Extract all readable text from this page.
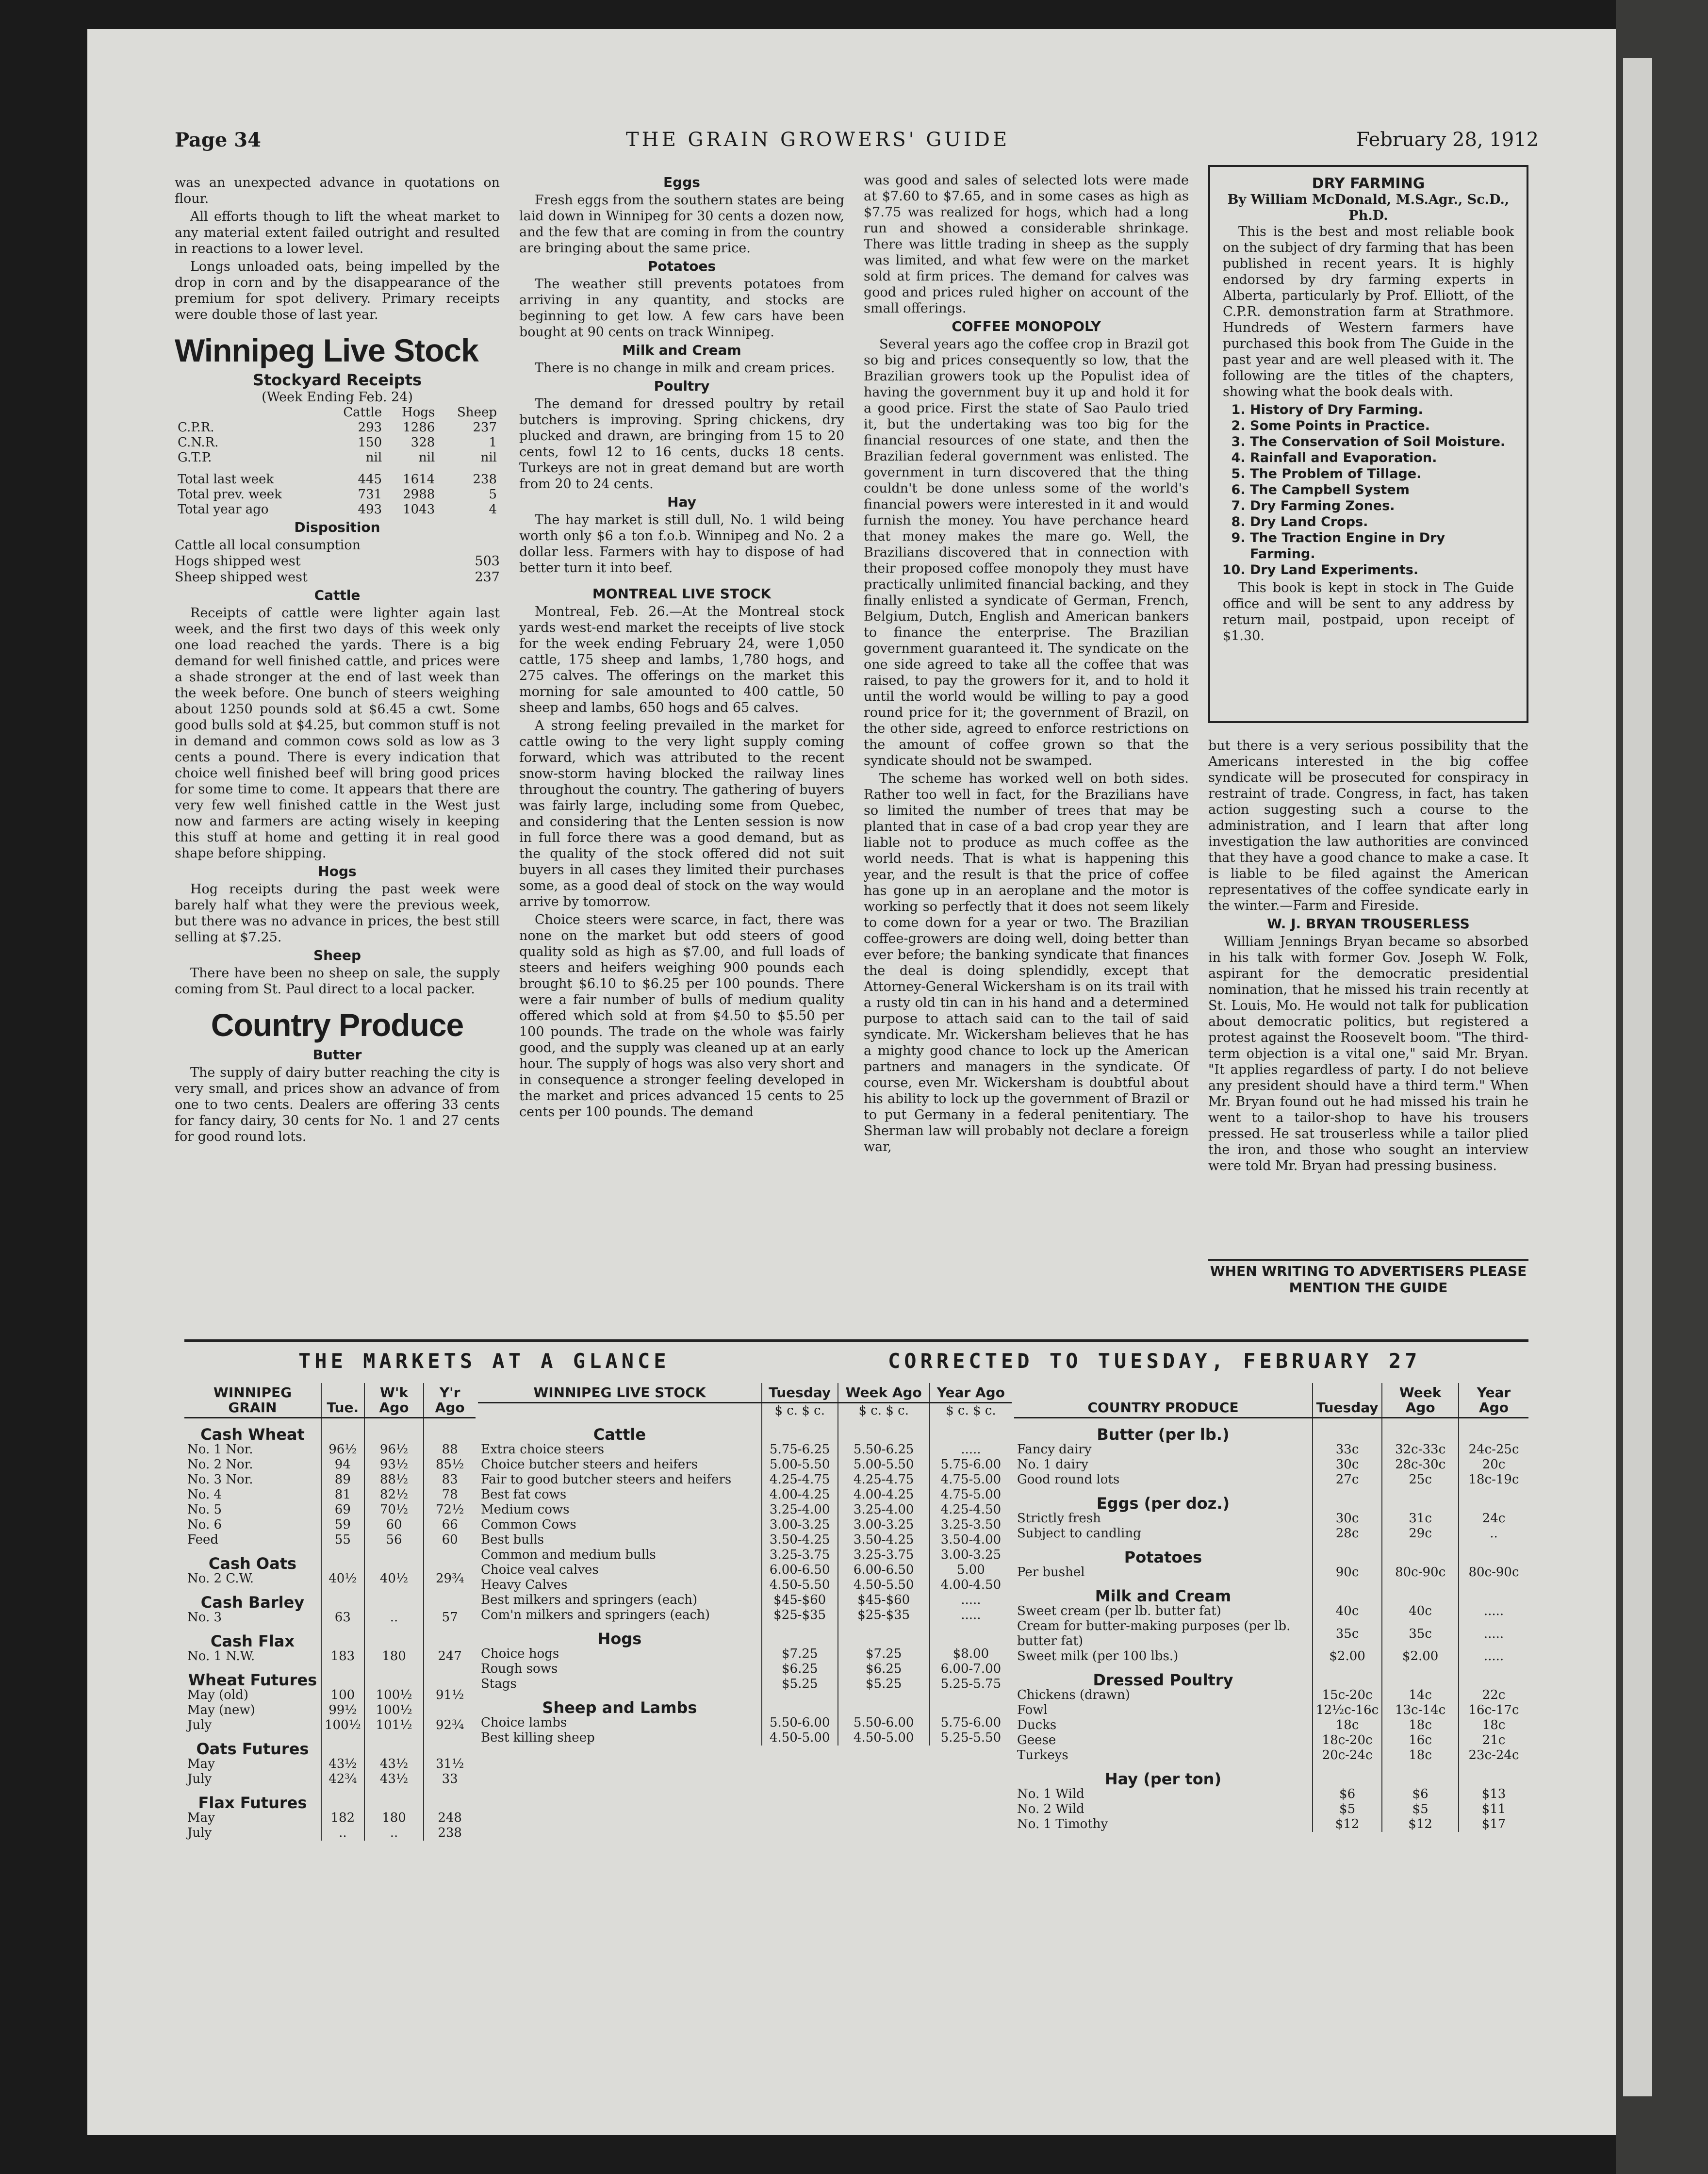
Page 34	THE GRAIN GROWERS' GUIDE	February 28, 1912

was an unexpected advance in quotations on flour.

All efforts though to lift the wheat market to any material extent failed outright and resulted in reactions to a lower level.

Longs unloaded oats, being impelled by the drop in corn and by the disappearance of the premium for spot delivery. Primary receipts were double those of last year.

Winnipeg Live Stock
Stockyard Receipts
(Week Ending Feb. 24)
	Cattle	Hogs	Sheep
C.P.R.	293	1286	237
C.N.R.	150	328	1
G.T.P.	nil	nil	nil

Total last week	445	1614	238
Total prev. week	731	2988	5
Total year ago	493	1043	4
Disposition
Cattle all local consumption
Hogs shipped west	503
Sheep shipped west	237
Cattle

Receipts of cattle were lighter again last week, and the first two days of this week only one load reached the yards. There is a big demand for well finished cattle, and prices were a shade stronger at the end of last week than the week before. One bunch of steers weighing about 1250 pounds sold at $6.45 a cwt. Some good bulls sold at $4.25, but common stuff is not in demand and common cows sold as low as 3 cents a pound. There is every indication that choice well finished beef will bring good prices for some time to come. It appears that there are very few well finished cattle in the West just now and farmers are acting wisely in keeping this stuff at home and getting it in real good shape before shipping.

Hogs

Hog receipts during the past week were barely half what they were the previous week, but there was no advance in prices, the best still selling at $7.25.

Sheep

There have been no sheep on sale, the supply coming from St. Paul direct to a local packer.

Country Produce
Butter

The supply of dairy butter reaching the city is very small, and prices show an advance of from one to two cents. Dealers are offering 33 cents for fancy dairy, 30 cents for No. 1 and 27 cents for good round lots.

Eggs

Fresh eggs from the southern states are being laid down in Winnipeg for 30 cents a dozen now, and the few that are coming in from the country are bringing about the same price.

Potatoes

The weather still prevents potatoes from arriving in any quantity, and stocks are beginning to get low. A few cars have been bought at 90 cents on track Winnipeg.

Milk and Cream

There is no change in milk and cream prices.

Poultry

The demand for dressed poultry by retail butchers is improving. Spring chickens, dry plucked and drawn, are bringing from 15 to 20 cents, fowl 12 to 16 cents, ducks 18 cents. Turkeys are not in great demand but are worth from 20 to 24 cents.

Hay

The hay market is still dull, No. 1 wild being worth only $6 a ton f.o.b. Winnipeg and No. 2 a dollar less. Farmers with hay to dispose of had better turn it into beef.

MONTREAL LIVE STOCK

Montreal, Feb. 26.—At the Montreal stock yards west-end market the receipts of live stock for the week ending February 24, were 1,050 cattle, 175 sheep and lambs, 1,780 hogs, and 275 calves. The offerings on the market this morning for sale amounted to 400 cattle, 50 sheep and lambs, 650 hogs and 65 calves.

A strong feeling prevailed in the market for cattle owing to the very light supply coming forward, which was attributed to the recent snow-storm having blocked the railway lines throughout the country. The gathering of buyers was fairly large, including some from Quebec, and considering that the Lenten session is now in full force there was a good demand, but as the quality of the stock offered did not suit buyers in all cases they limited their purchases some, as a good deal of stock on the way would arrive by tomorrow.

Choice steers were scarce, in fact, there was none on the market but odd steers of good quality sold as high as $7.00, and full loads of steers and heifers weighing 900 pounds each brought $6.10 to $6.25 per 100 pounds. There were a fair number of bulls of medium quality offered which sold at from $4.50 to $5.50 per 100 pounds. The trade on the whole was fairly good, and the supply was cleaned up at an early hour. The supply of hogs was also very short and in consequence a stronger feeling developed in the market and prices advanced 15 cents to 25 cents per 100 pounds. The demand

was good and sales of selected lots were made at $7.60 to $7.65, and in some cases as high as $7.75 was realized for hogs, which had a long run and showed a considerable shrinkage. There was little trading in sheep as the supply was limited, and what few were on the market sold at firm prices. The demand for calves was good and prices ruled higher on account of the small offerings.

COFFEE MONOPOLY

Several years ago the coffee crop in Brazil got so big and prices consequently so low, that the Brazilian growers took up the Populist idea of having the government buy it up and hold it for a good price. First the state of Sao Paulo tried it, but the undertaking was too big for the financial resources of one state, and then the Brazilian federal government was enlisted. The government in turn discovered that the thing couldn't be done unless some of the world's financial powers were interested in it and would furnish the money. You have perchance heard that money makes the mare go. Well, the Brazilians discovered that in connection with their proposed coffee monopoly they must have practically unlimited financial backing, and they finally enlisted a syndicate of German, French, Belgium, Dutch, English and American bankers to finance the enterprise. The Brazilian government guaranteed it. The syndicate on the one side agreed to take all the coffee that was raised, to pay the growers for it, and to hold it until the world would be willing to pay a good round price for it; the government of Brazil, on the other side, agreed to enforce restrictions on the amount of coffee grown so that the syndicate should not be swamped.

The scheme has worked well on both sides. Rather too well in fact, for the Brazilians have so limited the number of trees that may be planted that in case of a bad crop year they are liable not to produce as much coffee as the world needs. That is what is happening this year, and the result is that the price of coffee has gone up in an aeroplane and the motor is working so perfectly that it does not seem likely to come down for a year or two. The Brazilian coffee-growers are doing well, doing better than ever before; the banking syndicate that finances the deal is doing splendidly, except that Attorney-General Wickersham is on its trail with a rusty old tin can in his hand and a determined purpose to attach said can to the tail of said syndicate. Mr. Wickersham believes that he has a mighty good chance to lock up the American partners and managers in the syndicate. Of course, even Mr. Wickersham is doubtful about his ability to lock up the government of Brazil or to put Germany in a federal penitentiary. The Sherman law will probably not declare a foreign war,

DRY FARMING
By William McDonald, M.S.Agr., Sc.D., Ph.D.
This is the best and most reliable book on the subject of dry farming that has been published in recent years. It is highly endorsed by dry farming experts in Alberta, particularly by Prof. Elliott, of the C.P.R. demonstration farm at Strathmore. Hundreds of Western farmers have purchased this book from The Guide in the past year and are well pleased with it. The following are the titles of the chapters, showing what the book deals with.
1. History of Dry Farming.
2. Some Points in Practice.
3. The Conservation of Soil Moisture.
4. Rainfall and Evaporation.
5. The Problem of Tillage.
6. The Campbell System
7. Dry Farming Zones.
8. Dry Land Crops.
9. The Traction Engine in Dry Farming.
10. Dry Land Experiments.
This book is kept in stock in The Guide office and will be sent to any address by return mail, postpaid, upon receipt of $1.30.

but there is a very serious possibility that the Americans interested in the big coffee syndicate will be prosecuted for conspiracy in restraint of trade. Congress, in fact, has taken action suggesting such a course to the administration, and I learn that after long investigation the law authorities are convinced that they have a good chance to make a case. It is liable to be filed against the American representatives of the coffee syndicate early in the winter.—Farm and Fireside.

W. J. BRYAN TROUSERLESS

William Jennings Bryan became so absorbed in his talk with former Gov. Joseph W. Folk, aspirant for the democratic presidential nomination, that he missed his train recently at St. Louis, Mo. He would not talk for publication about democratic politics, but registered a protest against the Roosevelt boom. "The third-term objection is a vital one," said Mr. Bryan. "It applies regardless of party. I do not believe any president should have a third term." When Mr. Bryan found out he had missed his train he went to a tailor-shop to have his trousers pressed. He sat trouserless while a tailor plied the iron, and those who sought an interview were told Mr. Bryan had pressing business.

WHEN WRITING TO ADVERTISERS PLEASE MENTION THE GUIDE
THE MARKETS AT A GLANCE	CORRECTED TO TUESDAY, FEBRUARY 27
WINNIPEG GRAIN	Tue.	W'k Ago	Y'r Ago
Cash Wheat			
No. 1 Nor.	96½	96½	88
No. 2 Nor.	94	93½	85½
No. 3 Nor.	89	88½	83
No. 4	81	82½	78
No. 5	69	70½	72½
No. 6	59	60	66
Feed	55	56	60
Cash Oats			
No. 2 C.W.	40½	40½	29¾
Cash Barley			
No. 3	63	..	57
Cash Flax			
No. 1 N.W.	183	180	247
Wheat Futures			
May (old)	100	100½	91½
May (new)	99½	100½	
July	100½	101½	92¾
Oats Futures			
May	43½	43½	31½
July	42¾	43½	33
Flax Futures			
May	182	180	248
July	..	..	238
WINNIPEG LIVE STOCK	Tuesday	Week Ago	Year Ago
	$ c. $ c.	$ c. $ c.	$ c. $ c.
Cattle			
Extra choice steers	5.75-6.25	5.50-6.25	.....
Choice butcher steers and heifers	5.00-5.50	5.00-5.50	5.75-6.00
Fair to good butcher steers and heifers	4.25-4.75	4.25-4.75	4.75-5.00
Best fat cows	4.00-4.25	4.00-4.25	4.75-5.00
Medium cows	3.25-4.00	3.25-4.00	4.25-4.50
Common Cows	3.00-3.25	3.00-3.25	3.25-3.50
Best bulls	3.50-4.25	3.50-4.25	3.50-4.00
Common and medium bulls	3.25-3.75	3.25-3.75	3.00-3.25
Choice veal calves	6.00-6.50	6.00-6.50	5.00
Heavy Calves	4.50-5.50	4.50-5.50	4.00-4.50
Best milkers and springers (each)	$45-$60	$45-$60	.....
Com'n milkers and springers (each)	$25-$35	$25-$35	.....
Hogs			
Choice hogs	$7.25	$7.25	$8.00
Rough sows	$6.25	$6.25	6.00-7.00
Stags	$5.25	$5.25	5.25-5.75
Sheep and Lambs			
Choice lambs	5.50-6.00	5.50-6.00	5.75-6.00
Best killing sheep	4.50-5.00	4.50-5.00	5.25-5.50
COUNTRY PRODUCE	Tuesday	Week Ago	Year Ago
Butter (per lb.)			
Fancy dairy	33c	32c-33c	24c-25c
No. 1 dairy	30c	28c-30c	20c
Good round lots	27c	25c	18c-19c
Eggs (per doz.)			
Strictly fresh	30c	31c	24c
Subject to candling	28c	29c	..
Potatoes			
Per bushel	90c	80c-90c	80c-90c
Milk and Cream			
Sweet cream (per lb. butter fat)	40c	40c	.....
Cream for butter-making purposes (per lb. butter fat)	35c	35c	.....
Sweet milk (per 100 lbs.)	$2.00	$2.00	.....
Dressed Poultry			
Chickens (drawn)	15c-20c	14c	22c
Fowl	12½c-16c	13c-14c	16c-17c
Ducks	18c	18c	18c
Geese	18c-20c	16c	21c
Turkeys	20c-24c	18c	23c-24c
Hay (per ton)			
No. 1 Wild	$6	$6	$13
No. 2 Wild	$5	$5	$11
No. 1 Timothy	$12	$12	$17
